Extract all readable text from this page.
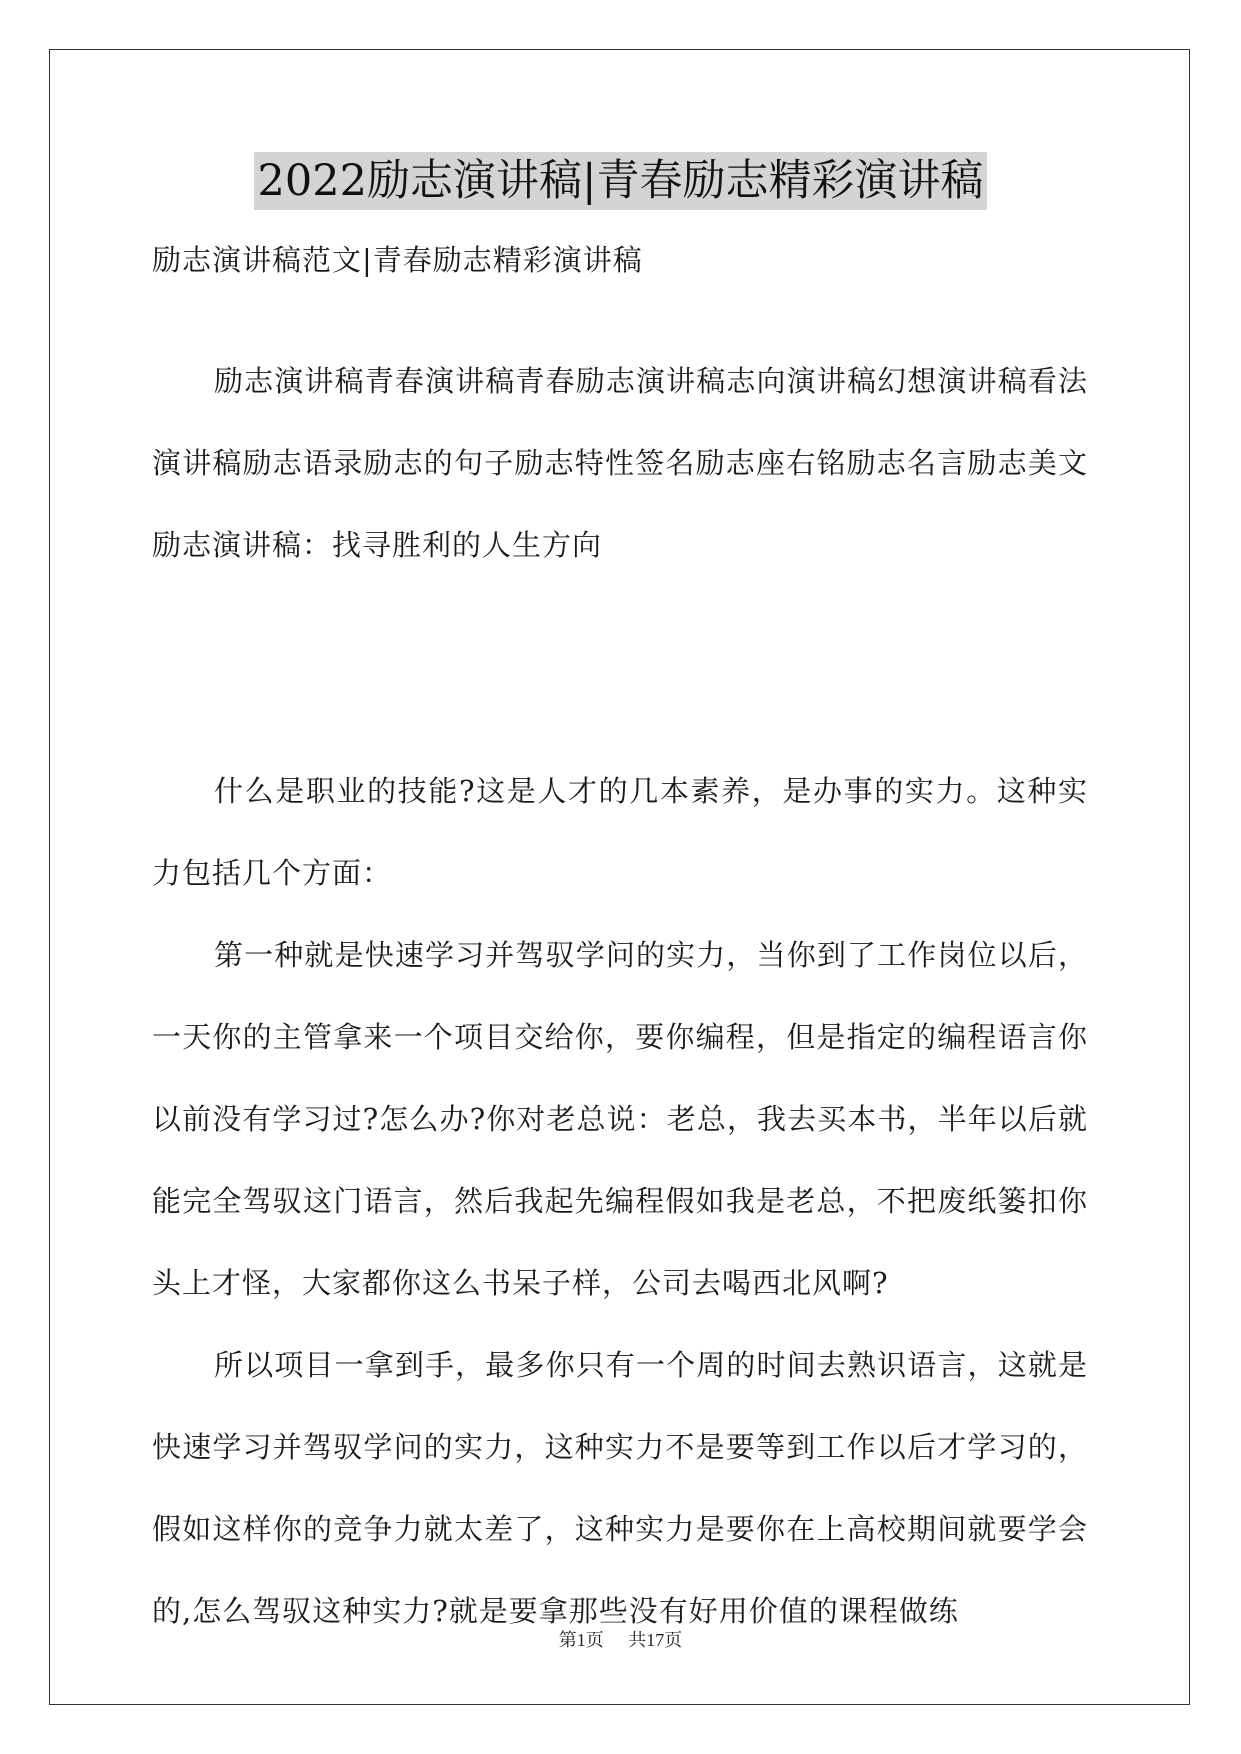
2022励志演讲稿|青春励志精彩演讲稿
励志演讲稿范文|青春励志精彩演讲稿

励志演讲稿青春演讲稿青春励志演讲稿志向演讲稿幻想演讲稿看法演讲稿励志语录励志的句子励志特性签名励志座右铭励志名言励志美文励志演讲稿：找寻胜利的人生方向

什么是职业的技能?这是人才的几本素养，是办事的实力。这种实力包括几个方面：

第一种就是快速学习并驾驭学问的实力，当你到了工作岗位以后，一天你的主管拿来一个项目交给你，要你编程，但是指定的编程语言你以前没有学习过?怎么办?你对老总说：老总，我去买本书，半年以后就能完全驾驭这门语言，然后我起先编程假如我是老总，不把废纸篓扣你头上才怪，大家都你这么书呆子样，公司去喝西北风啊?

所以项目一拿到手，最多你只有一个周的时间去熟识语言，这就是快速学习并驾驭学问的实力，这种实力不是要等到工作以后才学习的，假如这样你的竞争力就太差了，这种实力是要你在上高校期间就要学会的,怎么驾驭这种实力?就是要拿那些没有好用价值的课程做练

第1页 共17页
